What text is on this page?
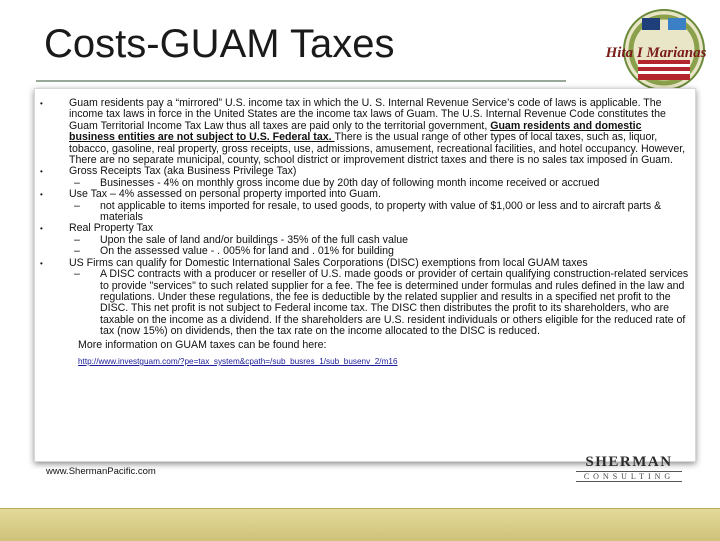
Costs-GUAM Taxes	Hita I Marianas
• Guam residents pay a “mirrored” U.S. income tax in which the U. S. Internal Revenue Service’s code of laws is applicable. The income tax laws in force in the United States are the income tax laws of Guam. The U.S. Internal Revenue Code constitutes the Guam Territorial Income Tax Law thus all taxes are paid only to the territorial government, Guam residents and domestic business entities are not subject to U.S. Federal tax. There is the usual range of other types of local taxes, such as, liquor, tobacco, gasoline, real property, gross receipts, use, admissions, amusement, recreational facilities, and hotel occupancy. However, There are no separate municipal, county, school district or improvement district taxes and there is no sales tax imposed in Guam.
• Gross Receipts Tax (aka Business Privilege Tax)
– Businesses - 4% on monthly gross income due by 20th day of following month income received or accrued
• Use Tax – 4% assessed on personal property imported into Guam.
– not applicable to items imported for resale, to used goods, to property with value of $1,000 or less and to aircraft parts & materials
• Real Property Tax
– Upon the sale of land and/or buildings - 35% of the full cash value
– On the assessed value - . 005% for land and . 01% for building
• US Firms can qualify for Domestic International Sales Corporations (DISC) exemptions from local GUAM taxes
– A DISC contracts with a producer or reseller of U.S. made goods or provider of certain qualifying construction-related services to provide "services" to such related supplier for a fee. The fee is determined under formulas and rules defined in the law and regulations. Under these regulations, the fee is deductible by the related supplier and results in a specified net profit to the DISC. This net profit is not subject to Federal income tax. The DISC then distributes the profit to its shareholders, who are taxable on the income as a dividend. If the shareholders are U.S. resident individuals or others eligible for the reduced rate of tax (now 15%) on dividends, then the tax rate on the income allocated to the DISC is reduced.
More information on GUAM taxes can be found here:
http://www.investguam.com/?pe=tax_system&cpath=/sub_busres_1/sub_busenv_2/m16
www.ShermanPacific.com
SHERMAN
CONSULTING
